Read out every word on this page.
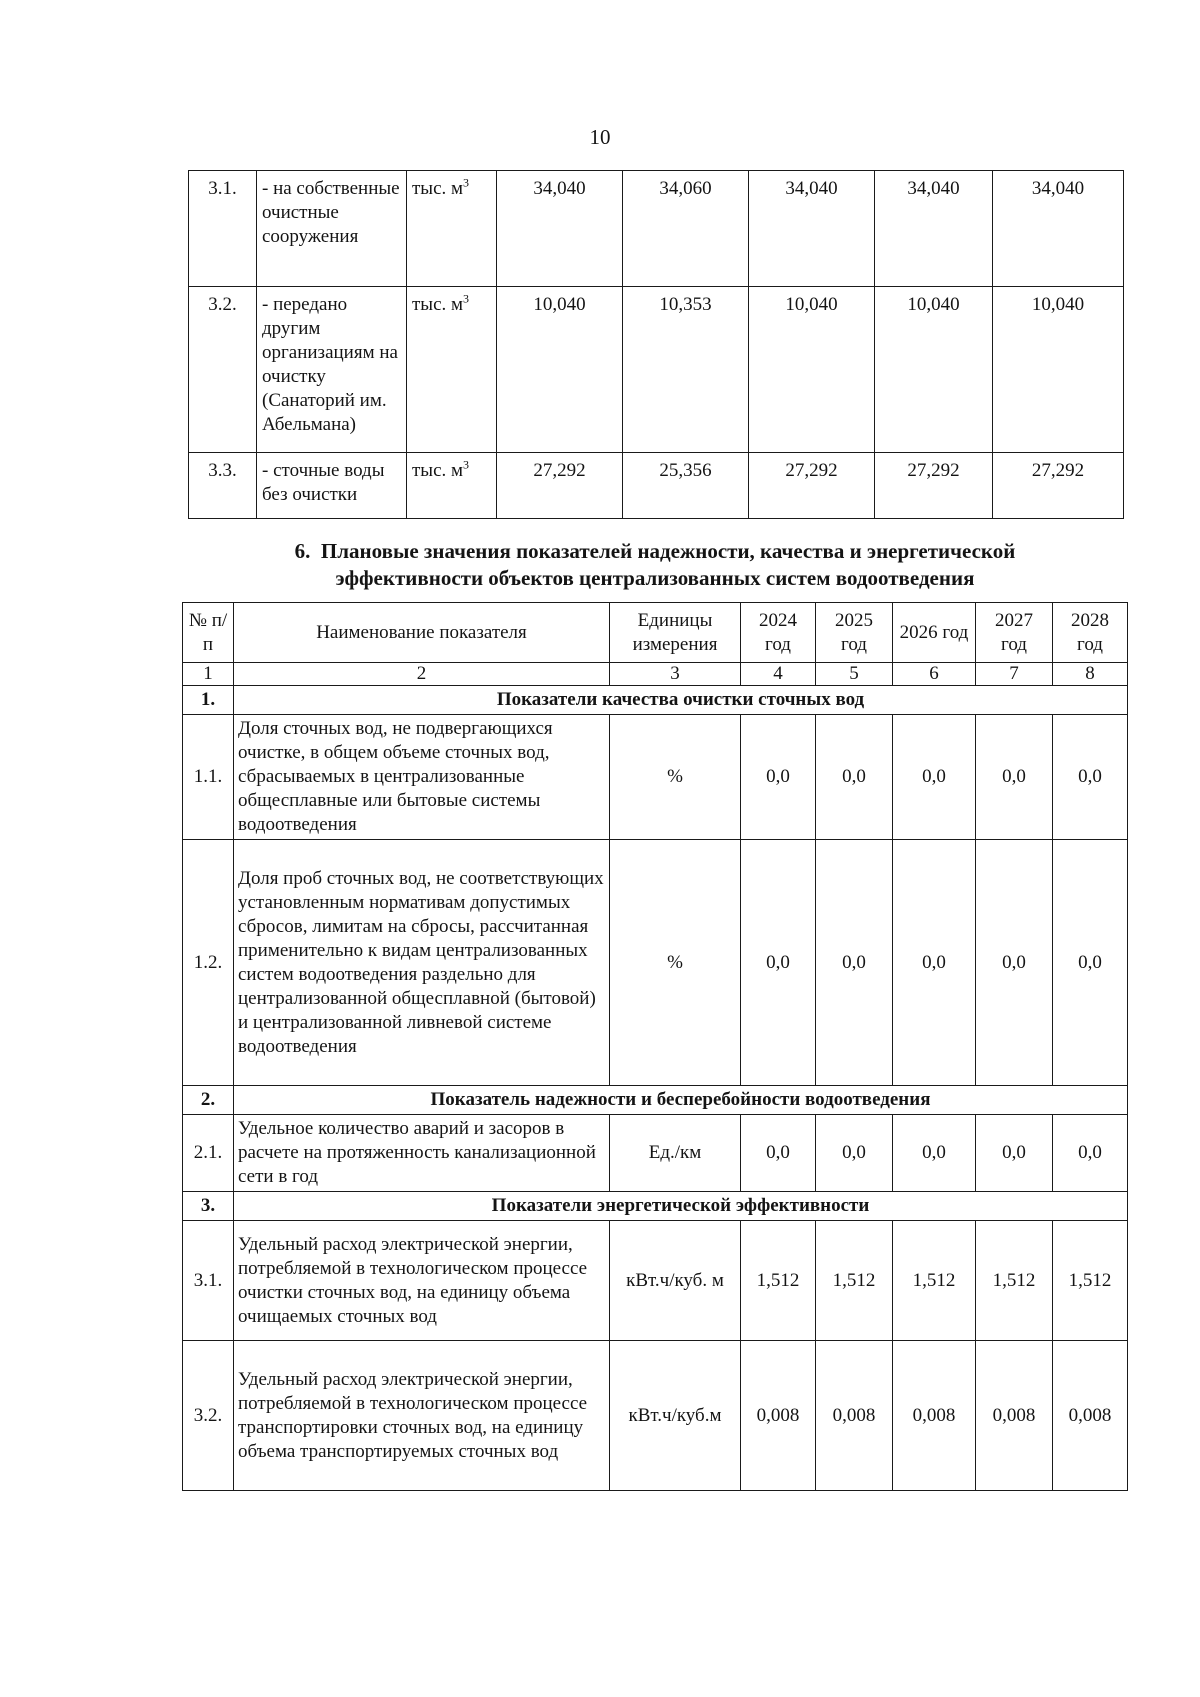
10
3.1.	- на собственные очистные сооружения	тыс. $м^3$	34,040	34,060	34,040	34,040	34,040
3.2.	- передано другим организациям на очистку (Санаторий им. Абельмана)	тыс. $м^3$	10,040	10,353	10,040	10,040	10,040
3.3.	- сточные воды без очистки	тыс. $м^3$	27,292	25,356	27,292	27,292	27,292
6. Плановые значения показателей надежности, качества и энергетической
эффективности объектов централизованных систем водоотведения
№ п/п	Наименование показателя	Единицы измерения	2024 год	2025 год	2026 год	2027 год	2028 год
1	2	3	4	5	6	7	8
1.	Показатели качества очистки сточных вод						
1.1.	Доля сточных вод, не подвергающихся очистке, в общем объеме сточных вод, сбрасываемых в централизованные общесплавные или бытовые системы водоотведения	%	0,0	0,0	0,0	0,0	0,0
1.2.	Доля проб сточных вод, не соответствующих установленным нормативам допустимых сбросов, лимитам на сбросы, рассчитанная применительно к видам централизованных систем водоотведения раздельно для централизованной общесплавной (бытовой) и централизованной ливневой системе водоотведения	%	0,0	0,0	0,0	0,0	0,0
2.	Показатель надежности и бесперебойности водоотведения						
2.1.	Удельное количество аварий и засоров в расчете на протяженность канализационной сети в год	Ед./км	0,0	0,0	0,0	0,0	0,0
3.	Показатели энергетической эффективности						
3.1.	Удельный расход электрической энергии, потребляемой в технологическом процессе очистки сточных вод, на единицу объема очищаемых сточных вод	кВт.ч/куб. м	1,512	1,512	1,512	1,512	1,512
3.2.	Удельный расход электрической энергии, потребляемой в технологическом процессе транспортировки сточных вод, на единицу объема транспортируемых сточных вод	кВт.ч/куб.м	0,008	0,008	0,008	0,008	0,008
